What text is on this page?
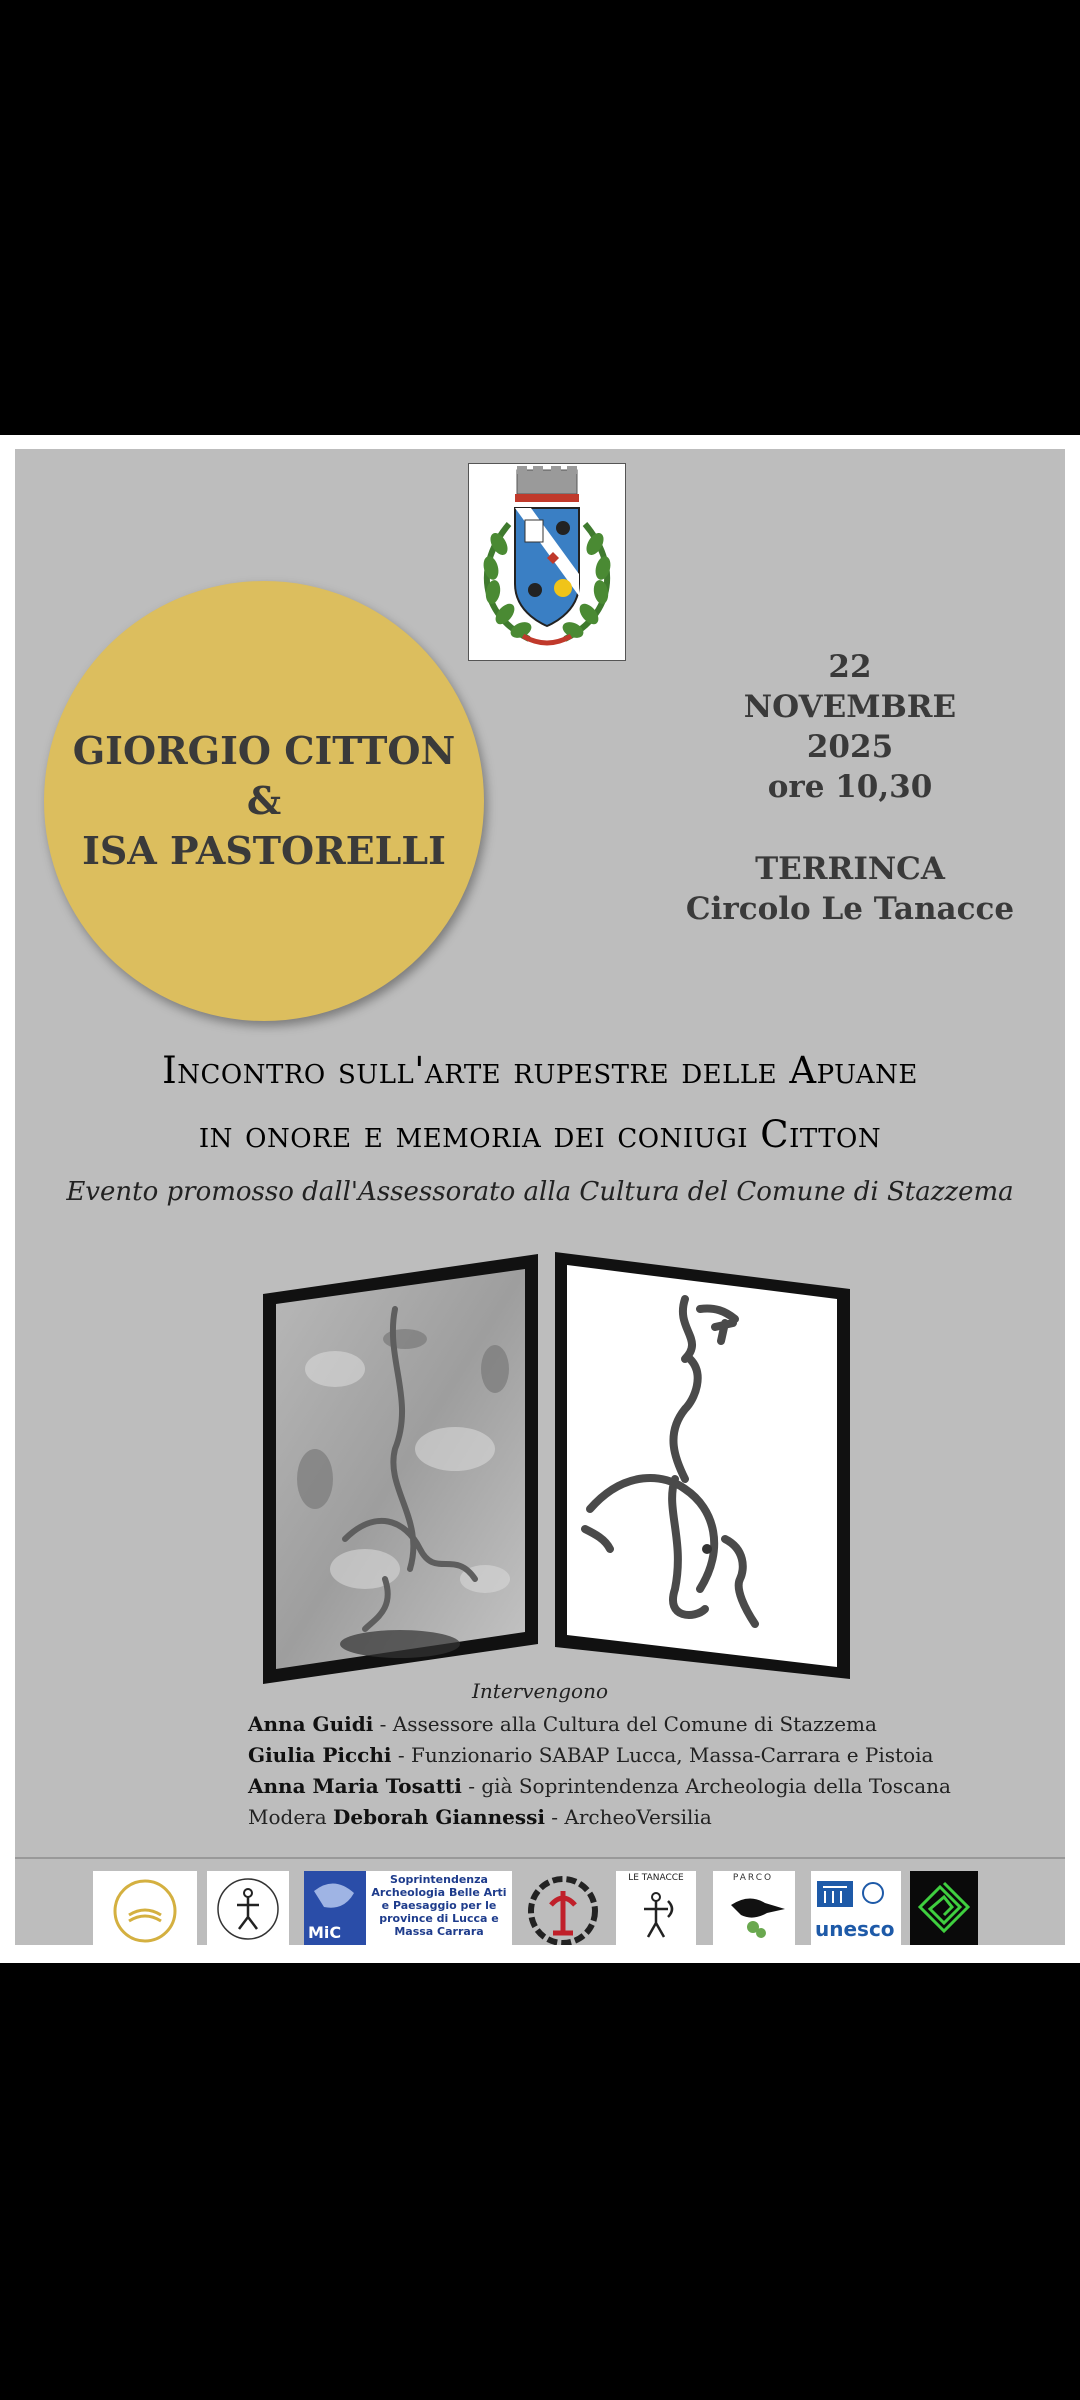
GIORGIO CITTON
&
ISA PASTORELLI
22
NOVEMBRE
2025
ore 10,30
TERRINCA
Circolo Le Tanacce
Incontro sull'arte rupestre delle Apuane
in onore e memoria dei coniugi Citton
Evento promosso dall'Assessorato alla Cultura del Comune di Stazzema
Intervengono
Anna Guidi - Assessore alla Cultura del Comune di Stazzema
Giulia Picchi - Funzionario SABAP Lucca, Massa-Carrara e Pistoia
Anna Maria Tosatti - già Soprintendenza Archeologia della Toscana
Modera Deborah Giannessi - ArcheoVersilia
MiC
Soprintendenza Archeologia Belle Arti e Paesaggio per le province di Lucca e Massa Carrara
LE TANACCE	PARCO
unesco
